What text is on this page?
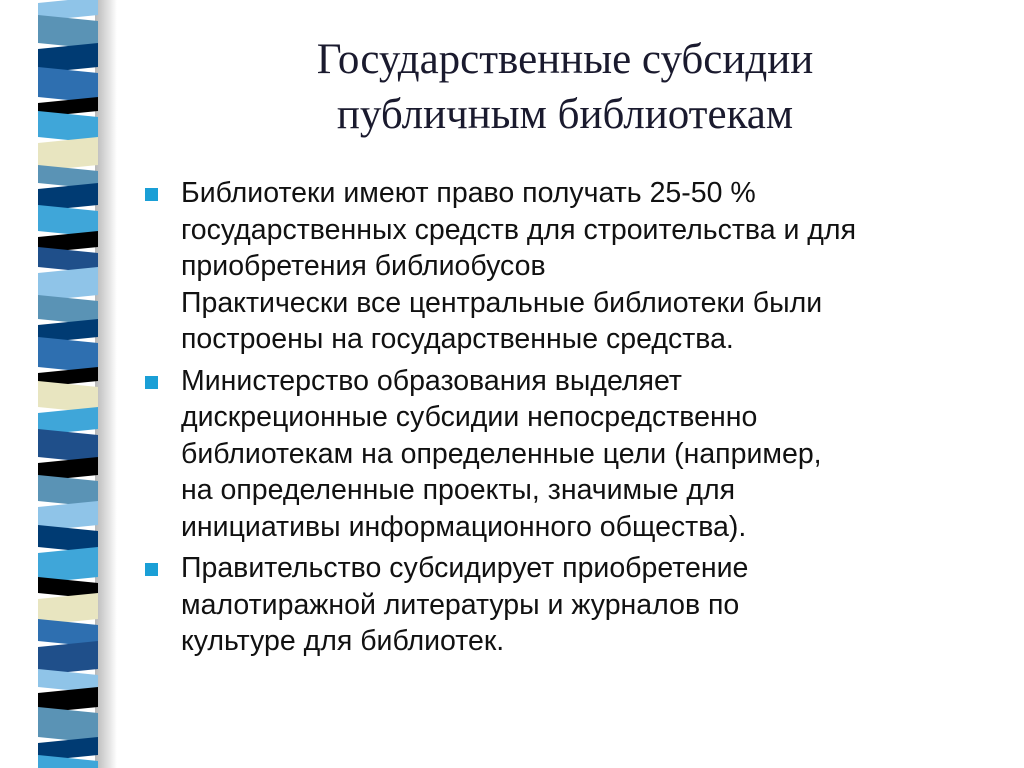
Государственные субсидии
публичным библиотекам
Библиотеки имеют право получать 25-50 %
государственных средств для строительства и для
приобретения библиобусов
Практически все центральные библиотеки были
построены на государственные средства.
Министерство образования выделяет
дискреционные субсидии непосредственно
библиотекам на определенные цели (например,
на определенные проекты, значимые для
инициативы информационного общества).
Правительство субсидирует приобретение
малотиражной литературы и журналов по
культуре для библиотек.
